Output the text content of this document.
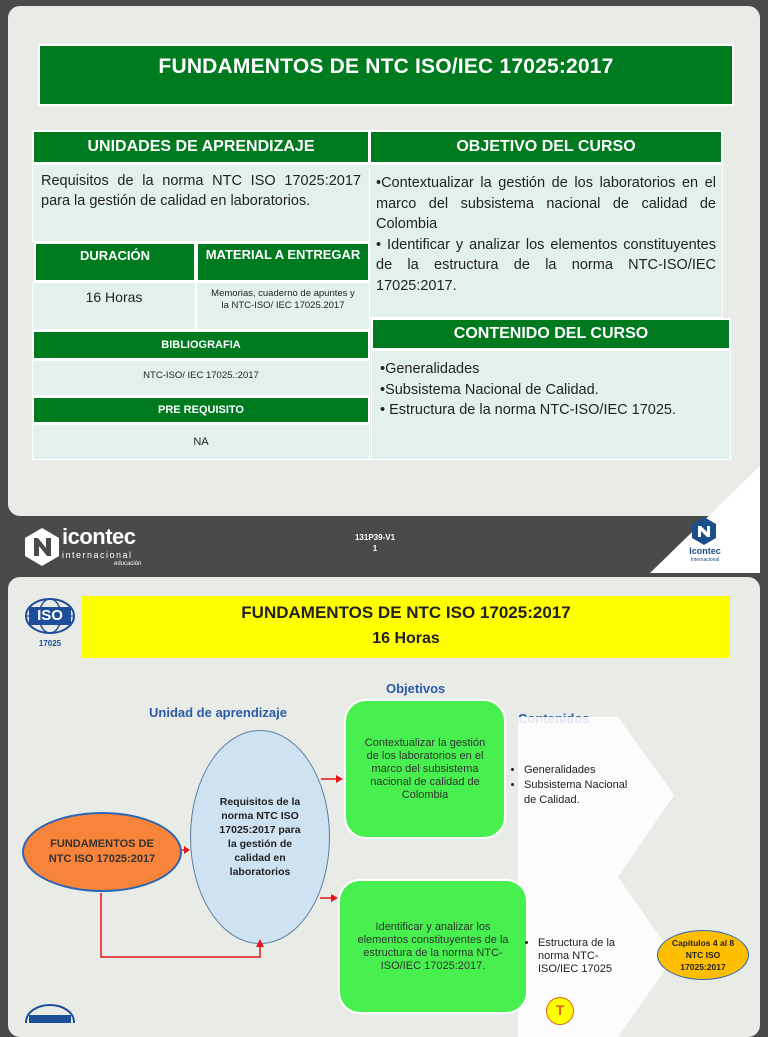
FUNDAMENTOS DE NTC ISO/IEC 17025:2017
UNIDADES DE APRENDIZAJE
Requisitos de la norma NTC ISO 17025:2017 para la gestión de calidad en laboratorios.
DURACIÓN	MATERIAL A ENTREGAR
16 Horas	Memorias, cuaderno de apuntes y la NTC-ISO/ IEC 17025.2017
BIBLIOGRAFIA
NTC-ISO/ IEC 17025.:2017
PRE REQUISITO
NA
OBJETIVO DEL CURSO
•Contextualizar la gestión de los laboratorios en el marco del subsistema nacional de calidad de Colombia
• Identificar y analizar los elementos constituyentes de la estructura de la norma NTC-ISO/IEC 17025:2017.
CONTENIDO DEL CURSO
•Generalidades
•Subsistema Nacional de Calidad.
• Estructura de la norma NTC-ISO/IEC 17025.
icontec
internacional
educación
131P39-V1
1	Icontec
Internacional
ISO
17025
FUNDAMENTOS DE NTC ISO 17025:2017
16 Horas
Objetivos
Unidad de aprendizaje
FUNDAMENTOS DE NTC ISO 17025:2017
Requisitos de la norma NTC ISO 17025:2017 para la gestión de calidad en laboratorios
Contextualizar la gestión de los laboratorios en el marco del subsistema nacional de calidad de Colombia
Identificar y analizar los elementos constituyentes de la estructura de la norma NTC-ISO/IEC 17025:2017.
• Generalidades
• Subsistema Nacional de Calidad.
• Estructura de la norma NTC-ISO/IEC 17025
Capítulos 4 al 8 NTC ISO 17025:2017
T
